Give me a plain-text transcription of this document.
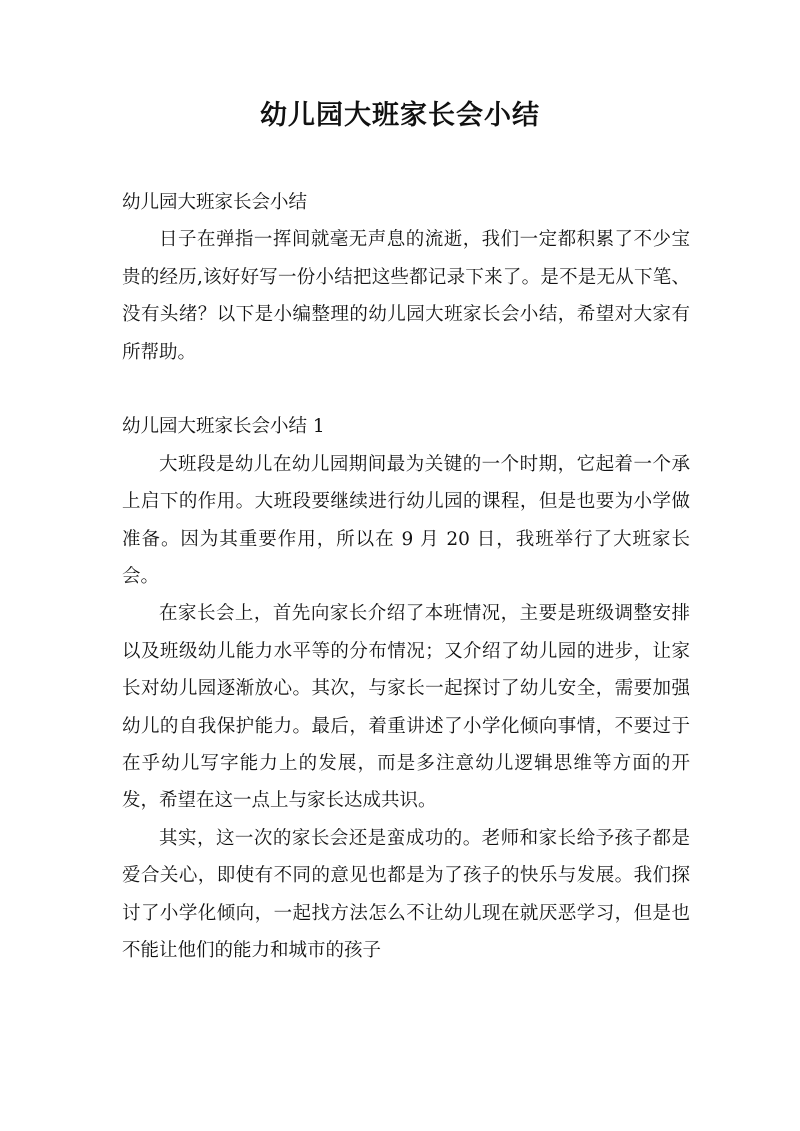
幼儿园大班家长会小结

幼儿园大班家长会小结

日子在弹指一挥间就毫无声息的流逝，我们一定都积累了不少宝贵的经历,该好好写一份小结把这些都记录下来了。是不是无从下笔、没有头绪？以下是小编整理的幼儿园大班家长会小结，希望对大家有所帮助。

幼儿园大班家长会小结 1

大班段是幼儿在幼儿园期间最为关键的一个时期，它起着一个承上启下的作用。大班段要继续进行幼儿园的课程，但是也要为小学做准备。因为其重要作用，所以在 9 月 20 日，我班举行了大班家长会。

在家长会上，首先向家长介绍了本班情况，主要是班级调整安排以及班级幼儿能力水平等的分布情况；又介绍了幼儿园的进步，让家长对幼儿园逐渐放心。其次，与家长一起探讨了幼儿安全，需要加强幼儿的自我保护能力。最后，着重讲述了小学化倾向事情，不要过于在乎幼儿写字能力上的发展，而是多注意幼儿逻辑思维等方面的开发，希望在这一点上与家长达成共识。

其实，这一次的家长会还是蛮成功的。老师和家长给予孩子都是爱合关心，即使有不同的意见也都是为了孩子的快乐与发展。我们探讨了小学化倾向，一起找方法怎么不让幼儿现在就厌恶学习，但是也不能让他们的能力和城市的孩子
